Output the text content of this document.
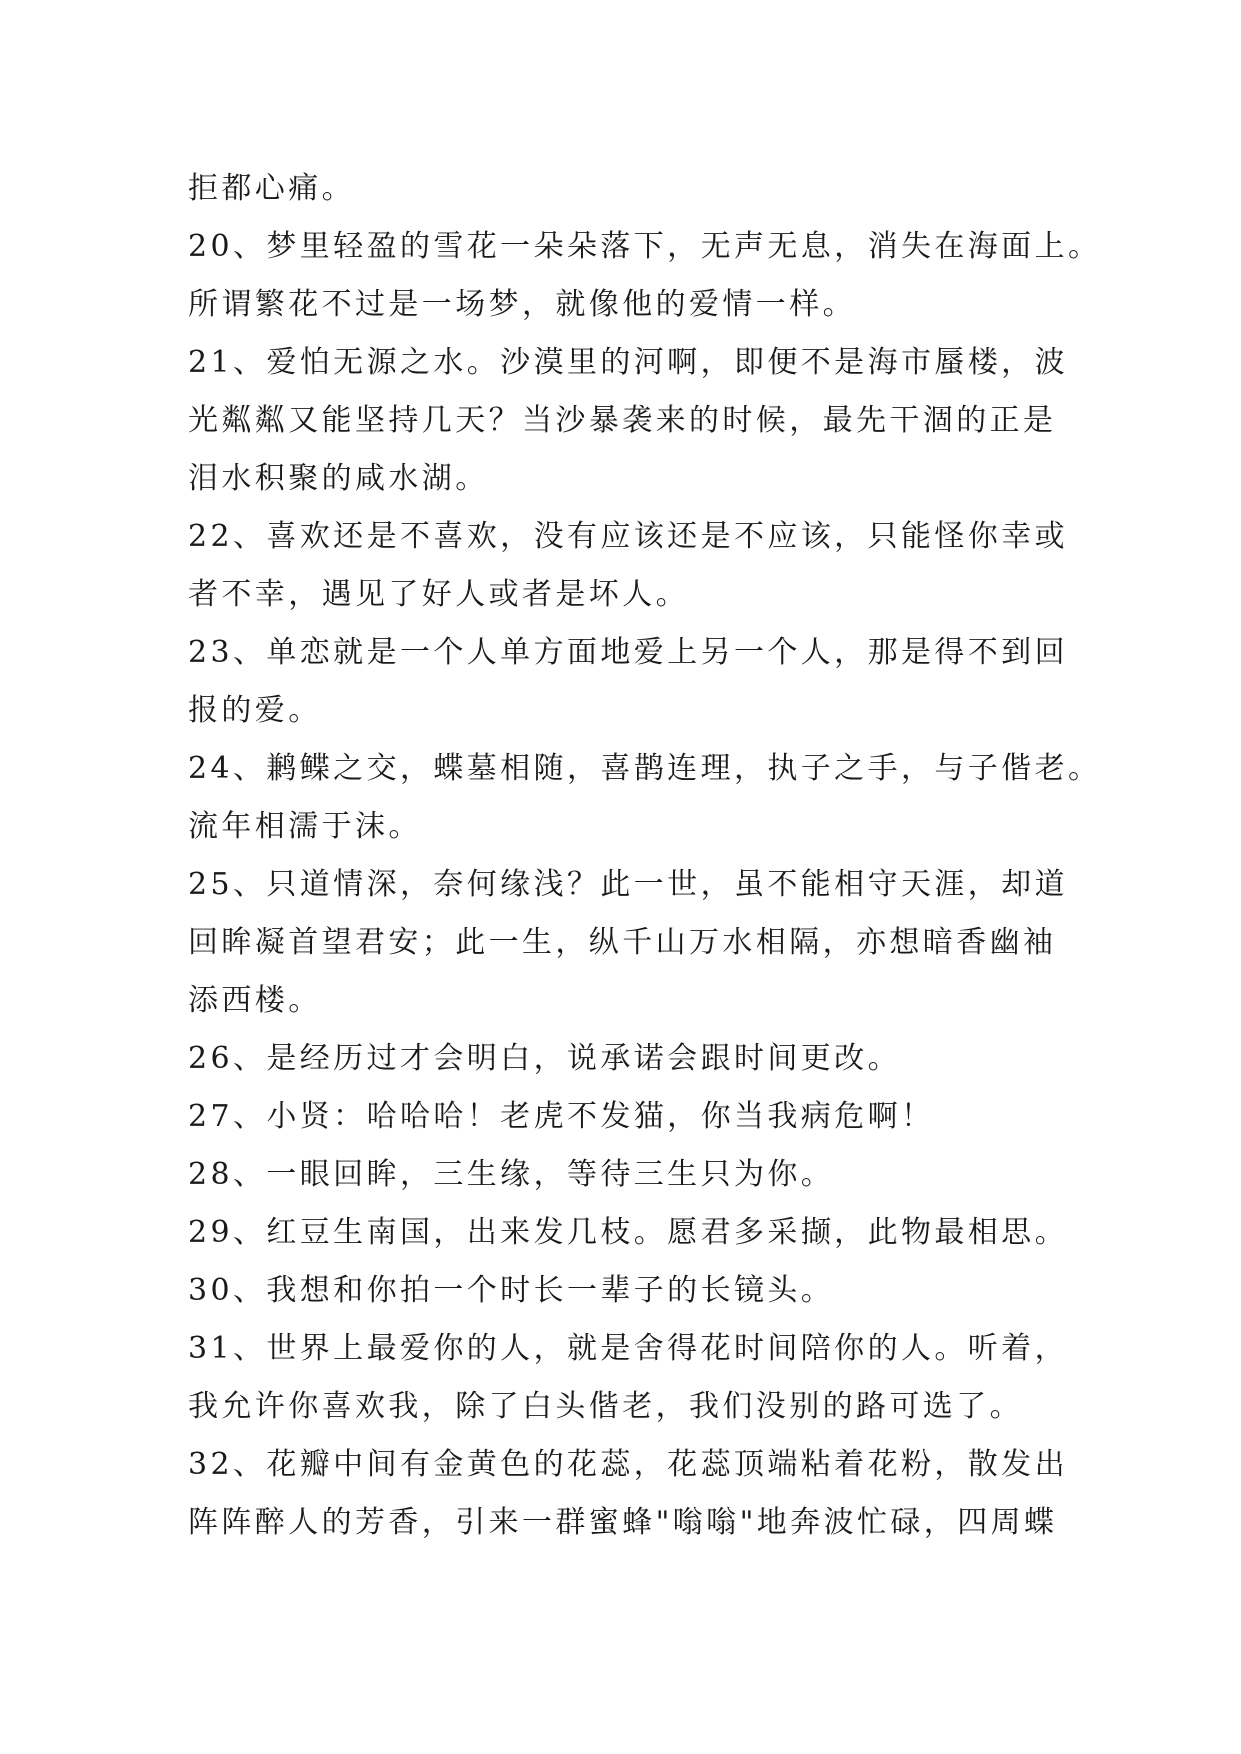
拒都心痛。
20、梦里轻盈的雪花一朵朵落下，无声无息，消失在海面上。
所谓繁花不过是一场梦，就像他的爱情一样。
21、爱怕无源之水。沙漠里的河啊，即便不是海市蜃楼，波
光粼粼又能坚持几天？当沙暴袭来的时候，最先干涸的正是
泪水积聚的咸水湖。
22、喜欢还是不喜欢，没有应该还是不应该，只能怪你幸或
者不幸，遇见了好人或者是坏人。
23、单恋就是一个人单方面地爱上另一个人，那是得不到回
报的爱。
24、鹣鲽之交，蝶墓相随，喜鹊连理，执子之手，与子偕老。
流年相濡于沫。
25、只道情深，奈何缘浅？此一世，虽不能相守天涯，却道
回眸凝首望君安；此一生，纵千山万水相隔，亦想暗香幽袖
添西楼。
26、是经历过才会明白，说承诺会跟时间更改。
27、小贤：哈哈哈！老虎不发猫，你当我病危啊！
28、一眼回眸，三生缘，等待三生只为你。
29、红豆生南国，出来发几枝。愿君多采撷，此物最相思。
30、我想和你拍一个时长一辈子的长镜头。
31、世界上最爱你的人，就是舍得花时间陪你的人。听着，
我允许你喜欢我，除了白头偕老，我们没别的路可选了。
32、花瓣中间有金黄色的花蕊，花蕊顶端粘着花粉，散发出
阵阵醉人的芳香，引来一群蜜蜂"嗡嗡"地奔波忙碌，四周蝶
